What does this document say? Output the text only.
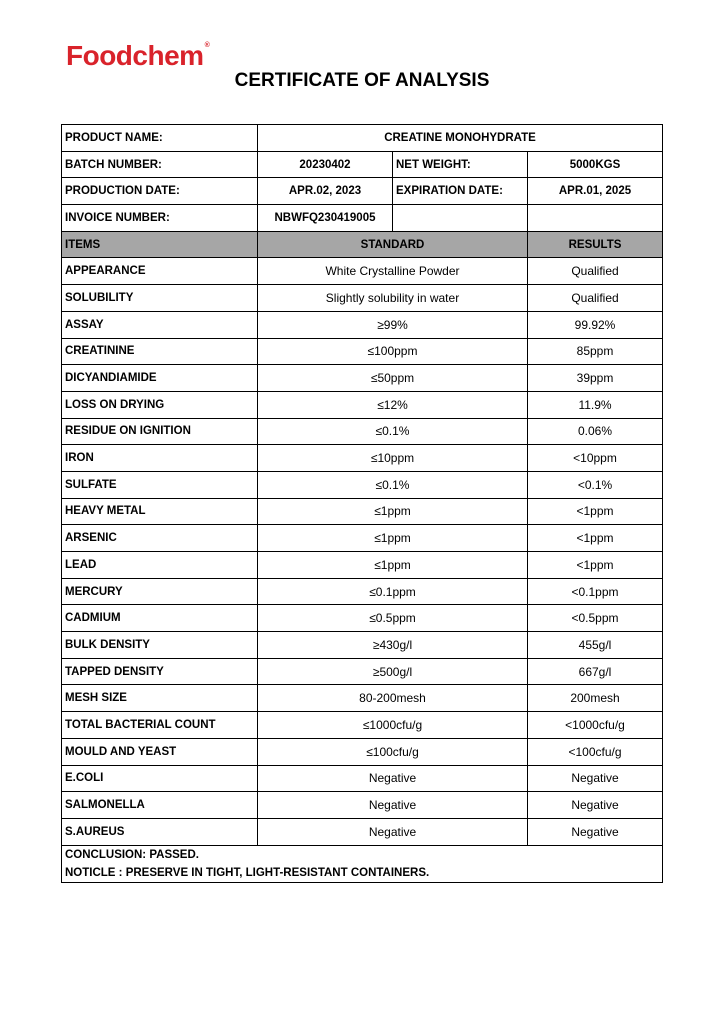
Foodchem®
CERTIFICATE OF ANALYSIS
PRODUCT NAME:	CREATINE MONOHYDRATE		
BATCH NUMBER:	20230402	NET WEIGHT:	5000KGS
PRODUCTION DATE:	APR.02, 2023	EXPIRATION DATE:	APR.01, 2025
INVOICE NUMBER:	NBWFQ230419005		
ITEMS	STANDARD		RESULTS
APPEARANCE	White Crystalline Powder		Qualified
SOLUBILITY	Slightly solubility in water		Qualified
ASSAY	≥99%		99.92%
CREATININE	≤100ppm		85ppm
DICYANDIAMIDE	≤50ppm		39ppm
LOSS ON DRYING	≤12%		11.9%
RESIDUE ON IGNITION	≤0.1%		0.06%
IRON	≤10ppm		<10ppm
SULFATE	≤0.1%		<0.1%
HEAVY METAL	≤1ppm		<1ppm
ARSENIC	≤1ppm		<1ppm
LEAD	≤1ppm		<1ppm
MERCURY	≤0.1ppm		<0.1ppm
CADMIUM	≤0.5ppm		<0.5ppm
BULK DENSITY	≥430g/l		455g/l
TAPPED DENSITY	≥500g/l		667g/l
MESH SIZE	80-200mesh		200mesh
TOTAL BACTERIAL COUNT	≤1000cfu/g		<1000cfu/g
MOULD AND YEAST	≤100cfu/g		<100cfu/g
E.COLI	Negative		Negative
SALMONELLA	Negative		Negative
S.AUREUS	Negative		Negative

CONCLUSION: PASSED.
NOTICLE : PRESERVE IN TIGHT, LIGHT-RESISTANT CONTAINERS.			
